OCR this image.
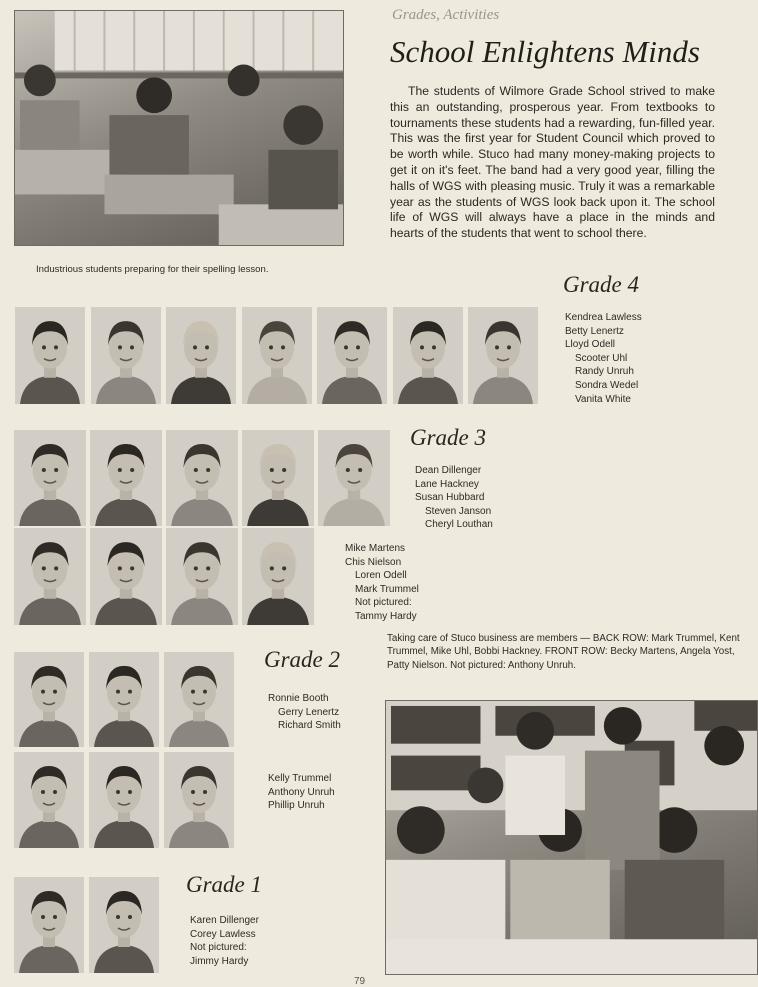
Industrious students preparing for their spelling lesson.
Grades, Activities
School Enlightens Minds
The students of Wilmore Grade School strived to make this an outstanding, prosperous year. From textbooks to tournaments these students had a rewarding, fun-filled year. This was the first year for Student Council which proved to be worth while. Stuco had many money-making projects to get it on it's feet. The band had a very good year, filling the halls of WGS with pleasing music. Truly it was a remarkable year as the students of WGS look back upon it. The school life of WGS will always have a place in the minds and hearts of the students that went to school there.
Grade 4
Kendrea Lawless
Betty Lenertz
Lloyd Odell
Scooter Uhl
Randy Unruh
Sondra Wedel
Vanita White
Grade 3
Dean Dillenger
Lane Hackney
Susan Hubbard
Steven Janson
Cheryl Louthan
Mike Martens
Chis Nielson
Loren Odell
Mark Trummel
Not pictured:
Tammy Hardy
Taking care of Stuco business are members — BACK ROW: Mark Trummel, Kent Trummel, Mike Uhl, Bobbi Hackney. FRONT ROW: Becky Martens, Angela Yost, Patty Nielson. Not pictured: Anthony Unruh.
Grade 2
Ronnie Booth
Gerry Lenertz
Richard Smith
Kelly Trummel
Anthony Unruh
Phillip Unruh
Grade 1
Karen Dillenger
Corey Lawless
Not pictured:
Jimmy Hardy
79
